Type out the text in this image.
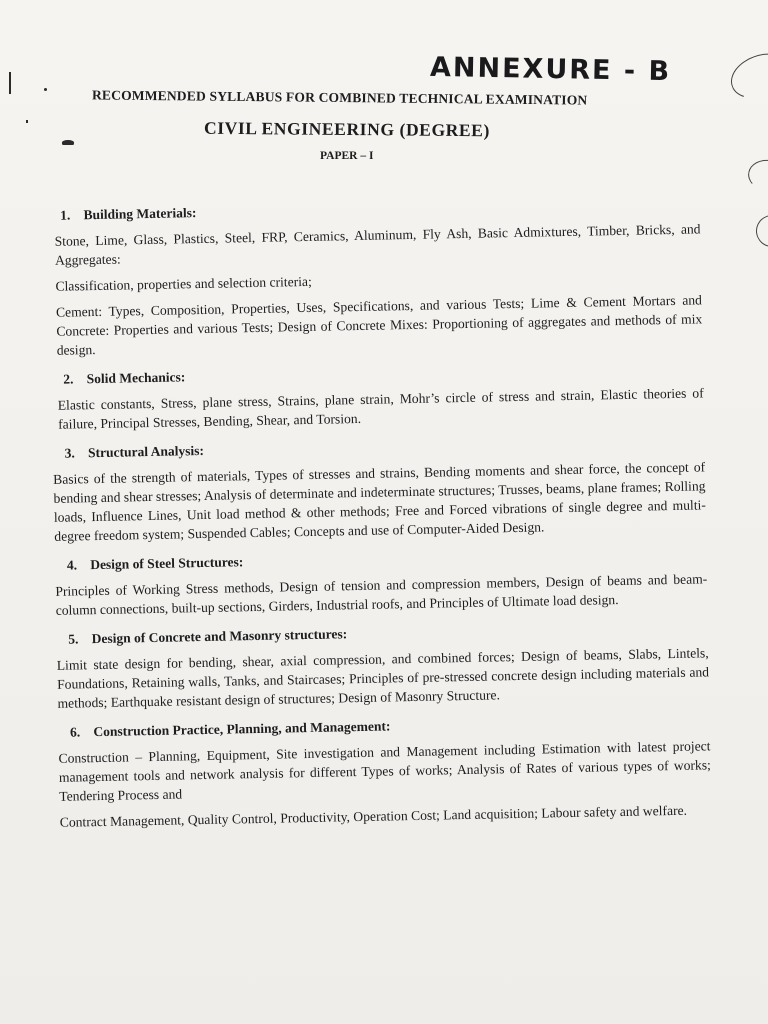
ANNEXURE - B
RECOMMENDED SYLLABUS FOR COMBINED TECHNICAL EXAMINATION
CIVIL ENGINEERING (DEGREE)
PAPER – I
1. Building Materials:

Stone, Lime, Glass, Plastics, Steel, FRP, Ceramics, Aluminum, Fly Ash, Basic Admixtures, Timber, Bricks, and Aggregates:

Classification, properties and selection criteria;

Cement: Types, Composition, Properties, Uses, Specifications, and various Tests; Lime & Cement Mortars and Concrete: Properties and various Tests; Design of Concrete Mixes: Proportioning of aggregates and methods of mix design.

2. Solid Mechanics:

Elastic constants, Stress, plane stress, Strains, plane strain, Mohr’s circle of stress and strain, Elastic theories of failure, Principal Stresses, Bending, Shear, and Torsion.

3. Structural Analysis:

Basics of the strength of materials, Types of stresses and strains, Bending moments and shear force, the concept of bending and shear stresses; Analysis of determinate and indeterminate structures; Trusses, beams, plane frames; Rolling loads, Influence Lines, Unit load method & other methods; Free and Forced vibrations of single degree and multi-degree freedom system; Suspended Cables; Concepts and use of Computer-Aided Design.

4. Design of Steel Structures:

Principles of Working Stress methods, Design of tension and compression members, Design of beams and beam-column connections, built-up sections, Girders, Industrial roofs, and Principles of Ultimate load design.

5. Design of Concrete and Masonry structures:

Limit state design for bending, shear, axial compression, and combined forces; Design of beams, Slabs, Lintels, Foundations, Retaining walls, Tanks, and Staircases; Principles of pre-stressed concrete design including materials and methods; Earthquake resistant design of structures; Design of Masonry Structure.

6. Construction Practice, Planning, and Management:

Construction – Planning, Equipment, Site investigation and Management including Estimation with latest project management tools and network analysis for different Types of works; Analysis of Rates of various types of works; Tendering Process and

Contract Management, Quality Control, Productivity, Operation Cost; Land acquisition; Labour safety and welfare.
